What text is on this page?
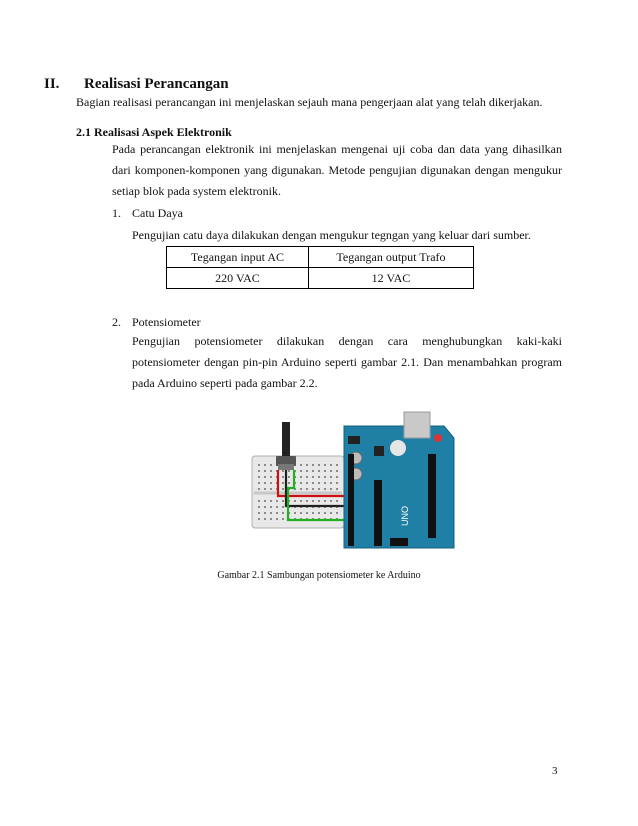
II. Realisasi Perancangan
Bagian realisasi perancangan ini menjelaskan sejauh mana pengerjaan alat yang telah dikerjakan.
2.1 Realisasi Aspek Elektronik

Pada perancangan elektronik ini menjelaskan mengenai uji coba dan data yang dihasilkan dari komponen-komponen yang digunakan. Metode pengujian digunakan dengan mengukur setiap blok pada system elektronik.

1. Catu Daya
Pengujian catu daya dilakukan dengan mengukur tegngan yang keluar dari sumber.
Tegangan input AC	Tegangan output Trafo
220 VAC	12 VAC
2. Potensiometer

Pengujian potensiometer dilakukan dengan cara menghubungkan kaki-kaki potensiometer dengan pin-pin Arduino seperti gambar 2.1. Dan menambahkan program pada Arduino seperti pada gambar 2.2.

UNO
Gambar 2.1 Sambungan potensiometer ke Arduino
3
